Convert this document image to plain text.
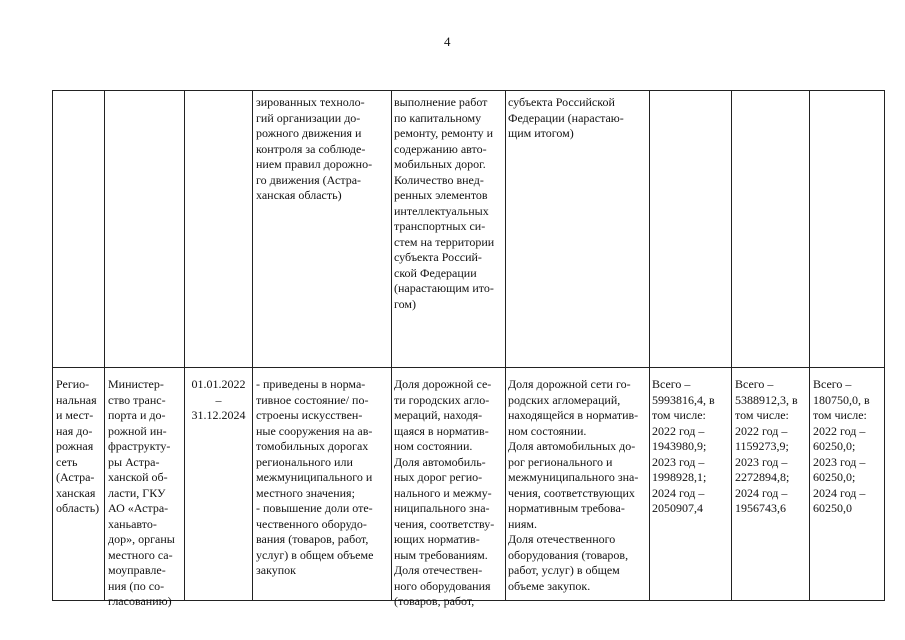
4
зированных техноло-
гий организации до-
рожного движения и
контроля за соблюде-
нием правил дорожно-
го движения (Астра-
ханская область)
выполнение работ
по капитальному
ремонту, ремонту и
содержанию авто-
мобильных дорог.
Количество внед-
ренных элементов
интеллектуальных
транспортных си-
стем на территории
субъекта Россий-
ской Федерации
(нарастающим ито-
гом)
субъекта Российской
Федерации (нарастаю-
щим итогом)
Регио-
нальная
и мест-
ная до-
рожная
сеть
(Астра-
ханская
область)
Министер-
ство транс-
порта и до-
рожной ин-
фраструкту-
ры Астра-
ханской об-
ласти, ГКУ
АО «Астра-
ханьавто-
дор», органы
местного са-
моуправле-
ния (по со-
гласованию)
01.01.2022
–
31.12.2024
- приведены в норма-
тивное состояние/ по-
строены искусствен-
ные сооружения на ав-
томобильных дорогах
регионального или
межмуниципального и
местного значения;
- повышение доли оте-
чественного оборудо-
вания (товаров, работ,
услуг) в общем объеме
закупок
Доля дорожной се-
ти городских агло-
мераций, находя-
щаяся в норматив-
ном состоянии.
Доля автомобиль-
ных дорог регио-
нального и межму-
ниципального зна-
чения, соответству-
ющих норматив-
ным требованиям.
Доля отечествен-
ного оборудования
(товаров, работ,
Доля дорожной сети го-
родских агломераций,
находящейся в норматив-
ном состоянии.
Доля автомобильных до-
рог регионального и
межмуниципального зна-
чения, соответствующих
нормативным требова-
ниям.
Доля отечественного
оборудования (товаров,
работ, услуг) в общем
объеме закупок.
Всего –
5993816,4, в
том числе:
2022 год –
1943980,9;
2023 год –
1998928,1;
2024 год –
2050907,4
Всего –
5388912,3, в
том числе:
2022 год –
1159273,9;
2023 год –
2272894,8;
2024 год –
1956743,6
Всего –
180750,0, в
том числе:
2022 год –
60250,0;
2023 год –
60250,0;
2024 год –
60250,0
